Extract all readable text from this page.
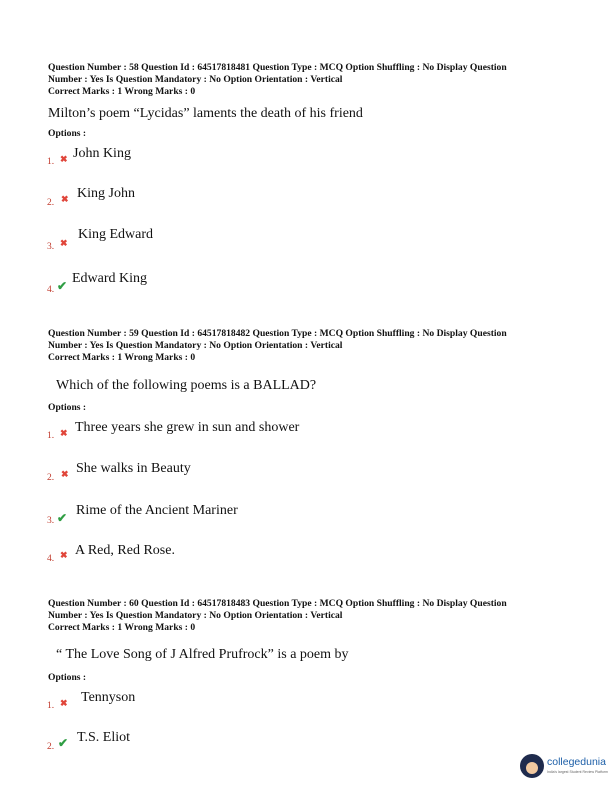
Question Number : 58 Question Id : 64517818481 Question Type : MCQ Option Shuffling : No Display Question
Number : Yes Is Question Mandatory : No Option Orientation : Vertical
Correct Marks : 1 Wrong Marks : 0
Milton’s poem “Lycidas” laments the death of his friend
Options :
1. ✖ John King
2. ✖ King John
3. ✖
King Edward
4. ✔ Edward King
Question Number : 59 Question Id : 64517818482 Question Type : MCQ Option Shuffling : No Display Question
Number : Yes Is Question Mandatory : No Option Orientation : Vertical
Correct Marks : 1 Wrong Marks : 0
Which of the following poems is a BALLAD?
Options :
1. ✖ Three years she grew in sun and shower
2. ✖ She walks in Beauty
3. ✔ Rime of the Ancient Mariner
4. ✖ A Red, Red Rose.
Question Number : 60 Question Id : 64517818483 Question Type : MCQ Option Shuffling : No Display Question
Number : Yes Is Question Mandatory : No Option Orientation : Vertical
Correct Marks : 1 Wrong Marks : 0
“ The Love Song of J Alfred Prufrock” is a poem by
Options :
1. ✖ Tennyson
2. ✔ T.S. Eliot
collegedunia
India's largest Student Review Platform
